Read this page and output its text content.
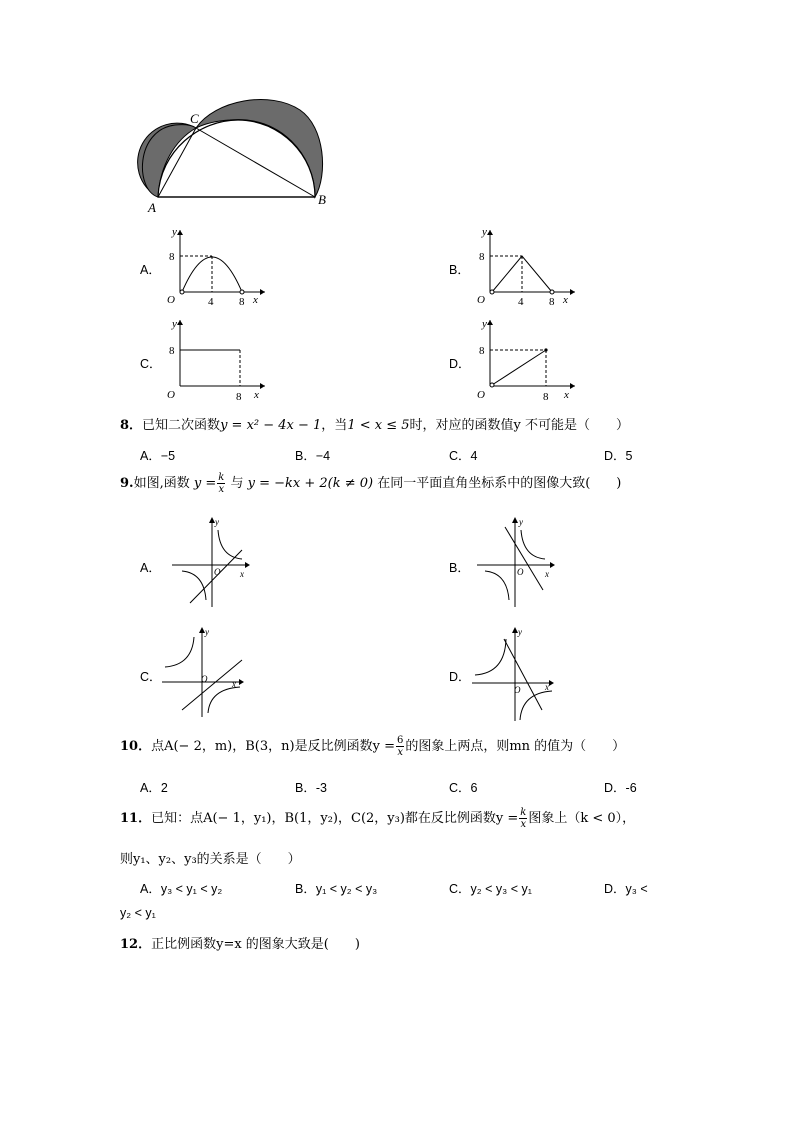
A
B
C
A．
y
8
O	4 8 x
B．
y
8
O	4 8 x
C．
y
8
O	8 x
D．
y
8
O	8 x
8．已知二次函数y = x² − 4x − 1，当1 < x ≤ 5时，对应的函数值y 不可能是（　　）
A．−5	B．−4	C．4	D．5
9.如图,函数 $y = \frac{k}{x}$ 与 y = −kx + 2(k ≠ 0) 在同一平面直角坐标系中的图像大致(　　)
A．
y
O x	B．
y
O x
C．
y
O	x	D．
y
O	x
10．点A(− 2，m)，B(3，n)是反比例函数$y = \frac{6}{x}$ 的图象上两点，则mn 的值为（　　）
A．2	B．-3	C．6	D．-6
11．已知：点A(− 1，y₁)，B(1，y₂)，C(2，y₃)都在反比例函数$y = \frac{k}{x}$ 图象上（k < 0），
则y₁、y₂、y₃的关系是（　　）
A．y₃ < y₁ < y₂	B．y₁ < y₂ < y₃	C．y₂ < y₃ < y₁	D．y₃ <
y₂ < y₁
12．正比例函数y=x 的图象大致是(　　)
